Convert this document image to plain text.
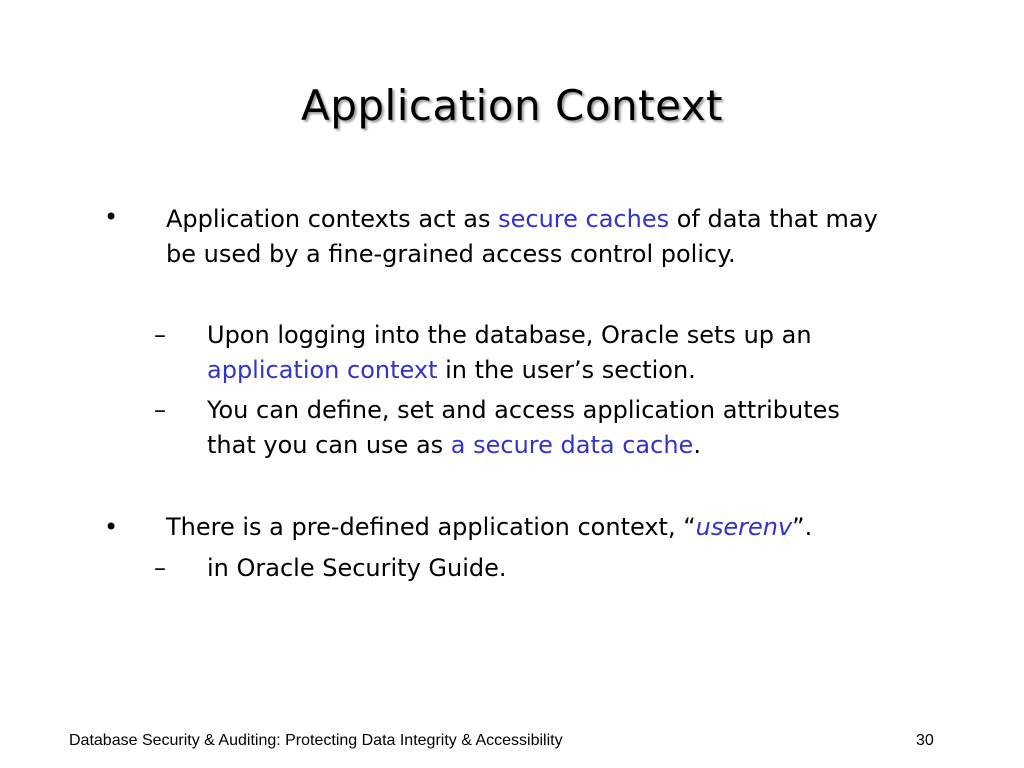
Application Context
• Application contexts act as secure caches of data that may
be used by a fine-grained access control policy.
– Upon logging into the database, Oracle sets up an
application context in the user’s section.
– You can define, set and access application attributes
that you can use as a secure data cache.
• There is a pre-defined application context, “userenv”.
– in Oracle Security Guide.
Database Security & Auditing: Protecting Data Integrity & Accessibility	30
